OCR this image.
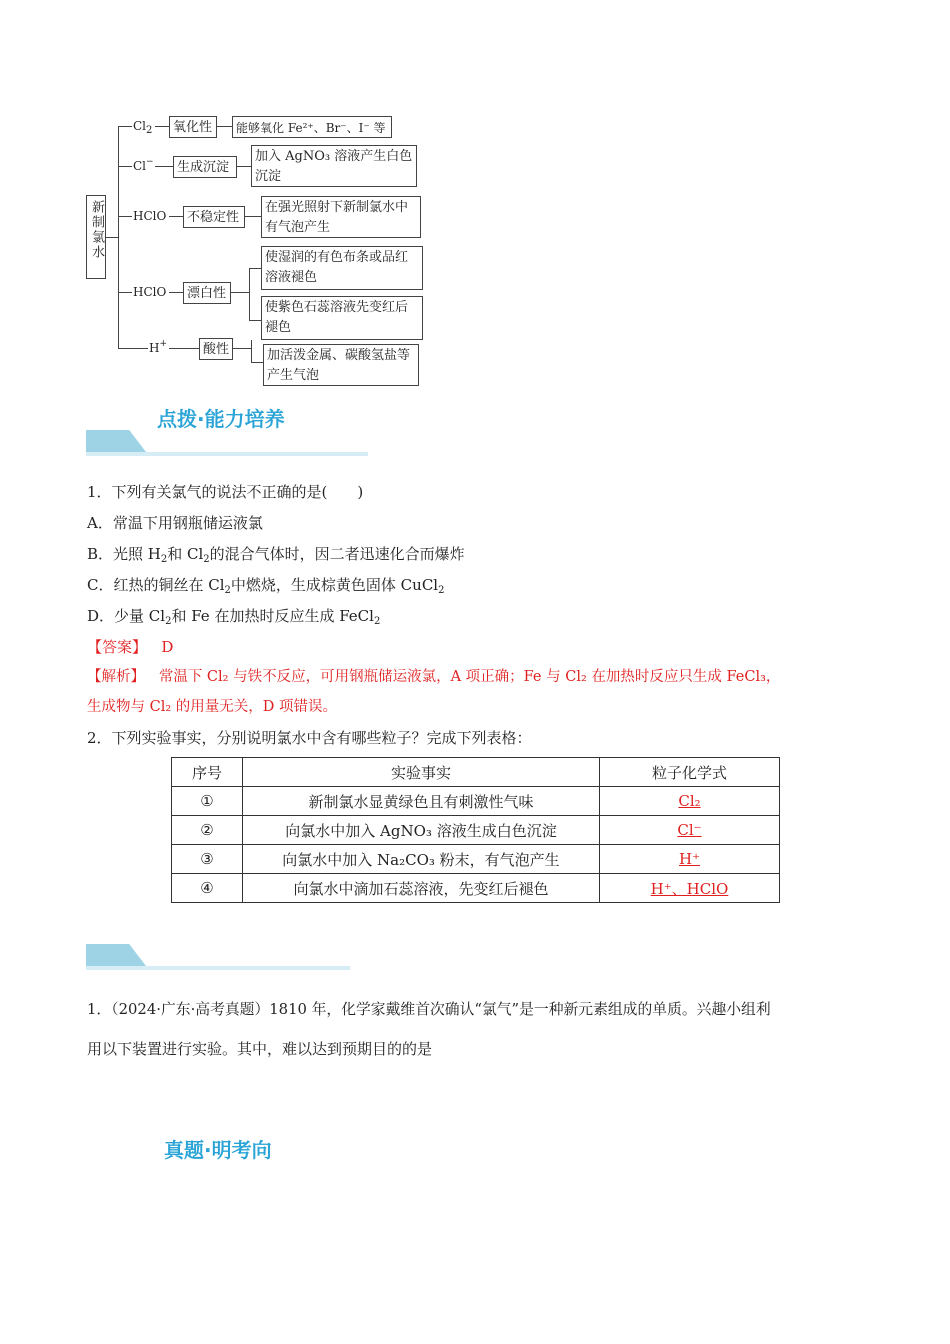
新制氯水
$Cl_2$	氧化性	能够氧化 Fe²⁺、Br⁻、I⁻ 等
Cl−	生成沉淀
加入 AgNO₃ 溶液产生白色沉淀
HClO	不稳定性
在强光照射下新制氯水中有气泡产生
HClO	漂白性
使湿润的有色布条或品红溶液褪色
使紫色石蕊溶液先变红后褪色
H+	酸性	加活泼金属、碳酸氢盐等产生气泡
点拨·能力培养
1．下列有关氯气的说法不正确的是(　　)
A．常温下用钢瓶储运液氯
B．光照 $H_2$和 $Cl_2$的混合气体时，因二者迅速化合而爆炸
C．红热的铜丝在 $Cl_2$中燃烧，生成棕黄色固体 CuCl$_2$
D．少量 $Cl_2$和 Fe 在加热时反应生成 FeCl$_2$
【答案】 D
【解析】 常温下 Cl₂ 与铁不反应，可用钢瓶储运液氯，A 项正确；Fe 与 Cl₂ 在加热时反应只生成 FeCl₃，
生成物与 Cl₂ 的用量无关，D 项错误。
2．下列实验事实，分别说明氯水中含有哪些粒子？完成下列表格：
序号	实验事实	粒子化学式
①	新制氯水显黄绿色且有刺激性气味	Cl₂
②	向氯水中加入 AgNO₃ 溶液生成白色沉淀	Cl⁻
③	向氯水中加入 Na₂CO₃ 粉末，有气泡产生	H⁺
④	向氯水中滴加石蕊溶液，先变红后褪色	H⁺、HClO
1．（2024·广东·高考真题）1810 年，化学家戴维首次确认“氯气”是一种新元素组成的单质。兴趣小组利
用以下装置进行实验。其中，难以达到预期目的的是
真题·明考向
